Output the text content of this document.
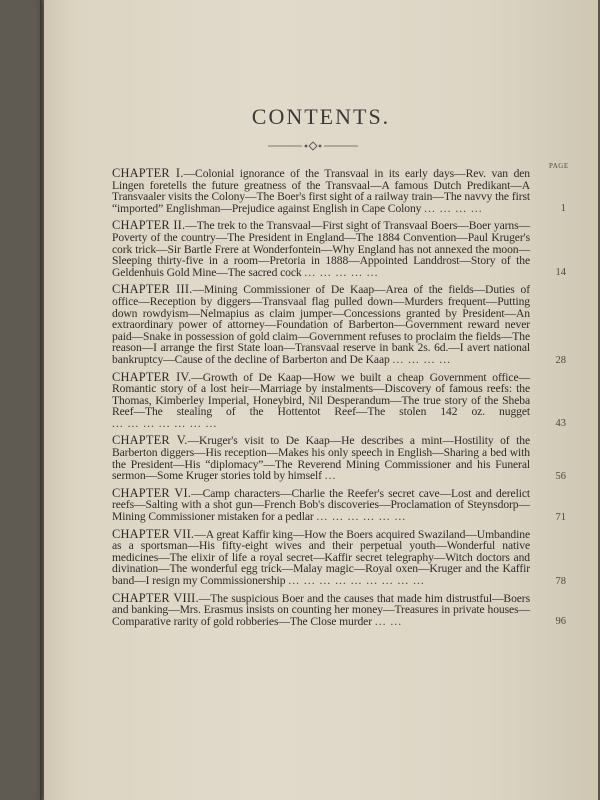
CONTENTS.
PAGE
CHAPTER I.—Colonial ignorance of the Transvaal in its early days—Rev. van den Lingen foretells the future greatness of the Transvaal—A famous Dutch Predikant—A Transvaaler visits the Colony—The Boer's first sight of a railway train—The navvy the first “imported” Englishman—Prejudice against English in Cape Colony ... ... ... ...	1
CHAPTER II.—The trek to the Transvaal—First sight of Transvaal Boers—Boer yarns—Poverty of the country—The President in England—The 1884 Convention—Paul Kruger's cork trick—Sir Bartle Frere at Wonderfontein—Why England has not annexed the moon—Sleeping thirty-five in a room—Pretoria in 1888—Appointed Landdrost—Story of the Geldenhuis Gold Mine—The sacred cock ... ... ... ... ...	14
CHAPTER III.—Mining Commissioner of De Kaap—Area of the fields—Duties of office—Reception by diggers—Transvaal flag pulled down—Murders frequent—Putting down rowdyism—Nelmapius as claim jumper—Concessions granted by President—An extraordinary power of attorney—Foundation of Barberton—Government reward never paid—Snake in possession of gold claim—Government refuses to proclaim the fields—The reason—I arrange the first State loan—Transvaal reserve in bank 2s. 6d.—I avert national bankruptcy—Cause of the decline of Barberton and De Kaap ... ... ... ...	28
CHAPTER IV.—Growth of De Kaap—How we built a cheap Government office—Romantic story of a lost heir—Marriage by instalments—Discovery of famous reefs: the Thomas, Kimberley Imperial, Honeybird, Nil Desperandum—The true story of the Sheba Reef—The stealing of the Hottentot Reef—The stolen 142 oz. nugget ... ... ... ... ... ... ...	43
CHAPTER V.—Kruger's visit to De Kaap—He describes a mint—Hostility of the Barberton diggers—His reception—Makes his only speech in English—Sharing a bed with the President—His “diplomacy”—The Reverend Mining Commissioner and his Funeral sermon—Some Kruger stories told by himself ...	56
CHAPTER VI.—Camp characters—Charlie the Reefer's secret cave—Lost and derelict reefs—Salting with a shot gun—French Bob's discoveries—Proclamation of Steynsdorp—Mining Commissioner mistaken for a pedlar ... ... ... ... ... ...	71
CHAPTER VII.—A great Kaffir king—How the Boers acquired Swaziland—Umbandine as a sportsman—His fifty-eight wives and their perpetual youth—Wonderful native medicines—The elixir of life a royal secret—Kaffir secret telegraphy—Witch doctors and divination—The wonderful egg trick—Malay magic—Royal oxen—Kruger and the Kaffir band—I resign my Commissionership ... ... ... ... ... ... ... ... ...	78
CHAPTER VIII.—The suspicious Boer and the causes that made him distrustful—Boers and banking—Mrs. Erasmus insists on counting her money—Treasures in private houses—Comparative rarity of gold robberies—The Close murder ... ...	96
